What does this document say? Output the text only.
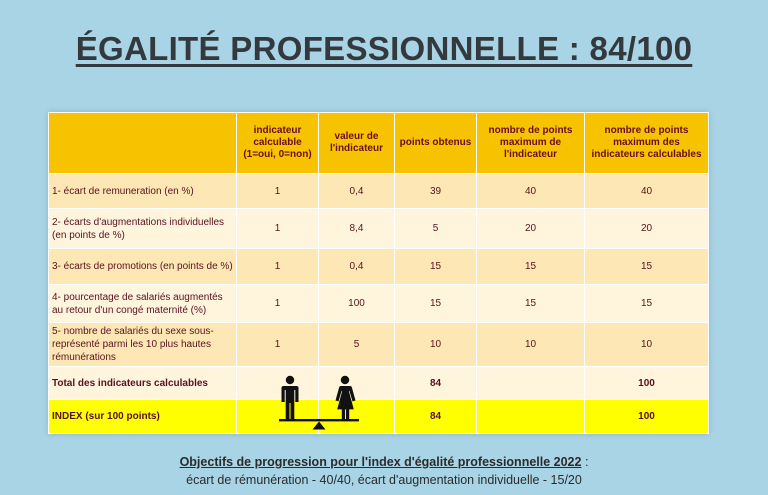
ÉGALITÉ PROFESSIONNELLE : 84/100
	indicateur calculable (1=oui, 0=non)	valeur de l'indicateur	points obtenus	nombre de points maximum de l'indicateur	nombre de points maximum des indicateurs calculables
1- écart de remuneration (en %)	1	0,4	39	40	40
2- écarts d'augmentations individuelles (en points de %)	1	8,4	5	20	20
3- écarts de promotions (en points de %)	1	0,4	15	15	15
4- pourcentage de salariés augmentés au retour d'un congé maternité (%)	1	100	15	15	15
5- nombre de salariés du sexe sous-représenté parmi les 10 plus hautes rémunérations	1	5	10	10	10
Total des indicateurs calculables			84		100
INDEX (sur 100 points)			84		100
Objectifs de progression pour l'index d'égalité professionnelle 2022 :
écart de rémunération - 40/40, écart d'augmentation individuelle - 15/20
